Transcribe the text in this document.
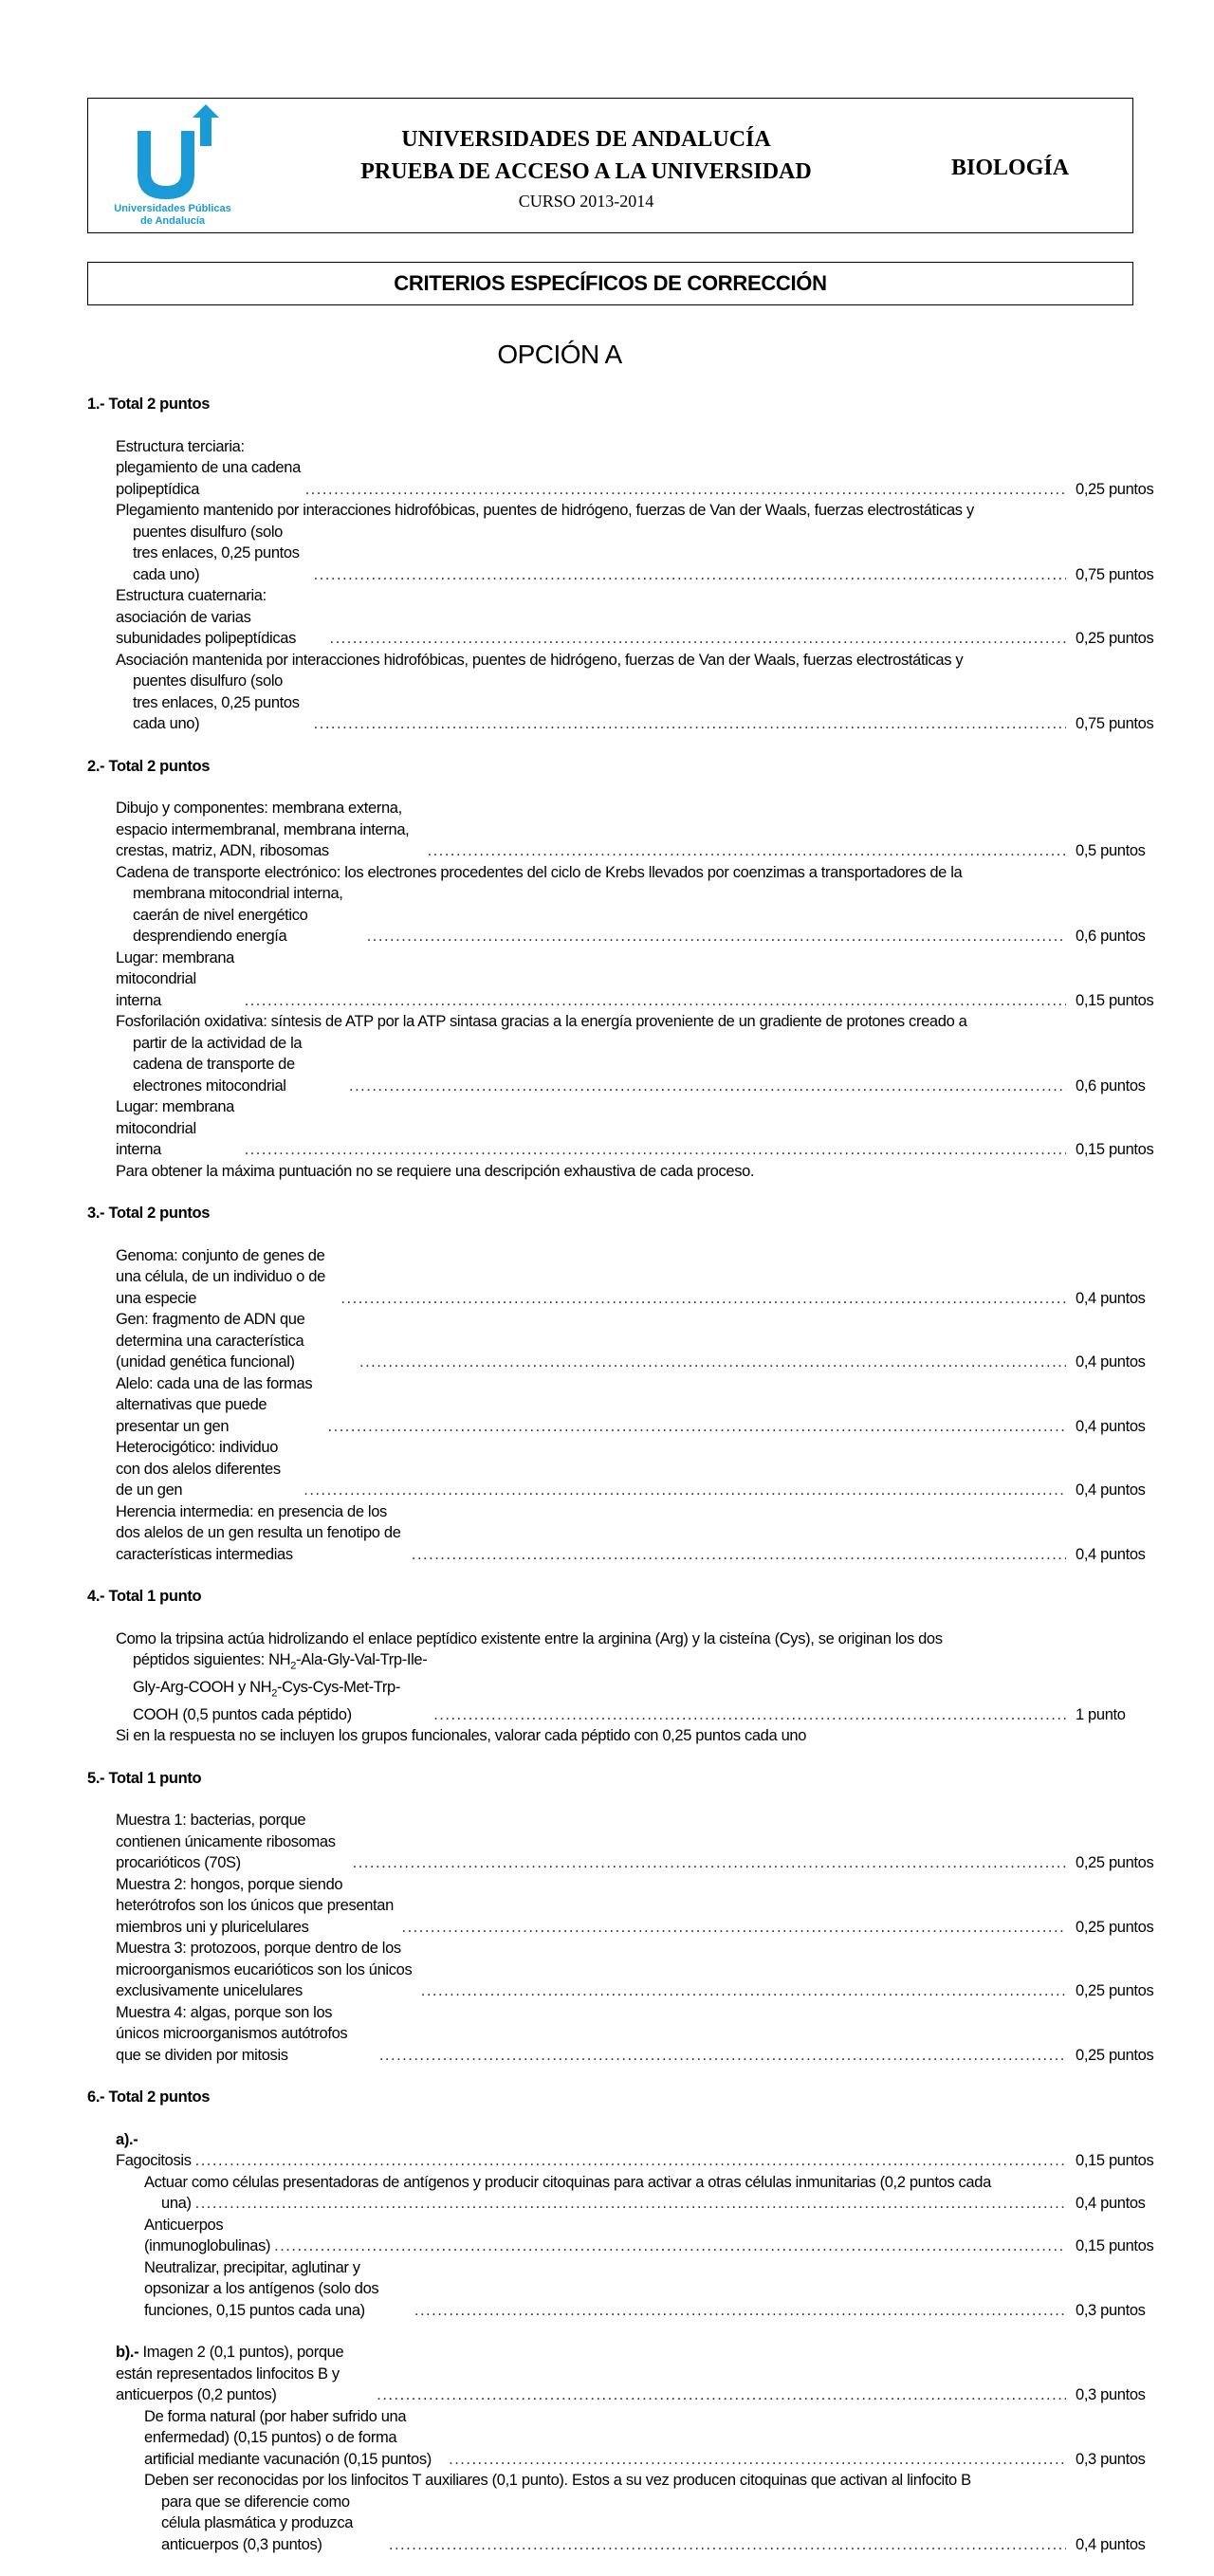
Universidades Públicas
de Andalucía
UNIVERSIDADES DE ANDALUCÍA
PRUEBA DE ACCESO A LA UNIVERSIDAD
CURSO 2013-2014
BIOLOGÍA
CRITERIOS ESPECÍFICOS DE CORRECCIÓN
OPCIÓN A
1.- Total 2 puntos
Estructura terciaria: plegamiento de una cadena polipeptídica .....	0,25 puntos
Plegamiento mantenido por interacciones hidrofóbicas, puentes de hidrógeno, fuerzas de Van der Waals, fuerzas electrostáticas y
puentes disulfuro (solo tres enlaces, 0,25 puntos cada uno) .....	0,75 puntos
Estructura cuaternaria: asociación de varias subunidades polipeptídicas .....	0,25 puntos
Asociación mantenida por interacciones hidrofóbicas, puentes de hidrógeno, fuerzas de Van der Waals, fuerzas electrostáticas y
puentes disulfuro (solo tres enlaces, 0,25 puntos cada uno) .....	0,75 puntos
2.- Total 2 puntos
Dibujo y componentes: membrana externa, espacio intermembranal, membrana interna, crestas, matriz, ADN, ribosomas .....	0,5 puntos
Cadena de transporte electrónico: los electrones procedentes del ciclo de Krebs llevados por coenzimas a transportadores de la
membrana mitocondrial interna, caerán de nivel energético desprendiendo energía .....	0,6 puntos
Lugar: membrana mitocondrial interna .....	0,15 puntos
Fosforilación oxidativa: síntesis de ATP por la ATP sintasa gracias a la energía proveniente de un gradiente de protones creado a
partir de la actividad de la cadena de transporte de electrones mitocondrial .....	0,6 puntos
Lugar: membrana mitocondrial interna .....	0,15 puntos
Para obtener la máxima puntuación no se requiere una descripción exhaustiva de cada proceso.
3.- Total 2 puntos
Genoma: conjunto de genes de una célula, de un individuo o de una especie .....	0,4 puntos
Gen: fragmento de ADN que determina una característica (unidad genética funcional) .....	0,4 puntos
Alelo: cada una de las formas alternativas que puede presentar un gen .....	0,4 puntos
Heterocigótico: individuo con dos alelos diferentes de un gen .....	0,4 puntos
Herencia intermedia: en presencia de los dos alelos de un gen resulta un fenotipo de características intermedias .....	0,4 puntos
4.- Total 1 punto
Como la tripsina actúa hidrolizando el enlace peptídico existente entre la arginina (Arg) y la cisteína (Cys), se originan los dos
péptidos siguientes: $NH_2-Ala-Gly-Val-Trp-Ile-Gly-Arg$-COOH y $NH_2-Cys-Cys-Met-Trp$-COOH (0,5 puntos cada péptido) .....	1 punto
Si en la respuesta no se incluyen los grupos funcionales, valorar cada péptido con 0,25 puntos cada uno
5.- Total 1 punto
Muestra 1: bacterias, porque contienen únicamente ribosomas procarióticos (70S) .....	0,25 puntos
Muestra 2: hongos, porque siendo heterótrofos son los únicos que presentan miembros uni y pluricelulares .....	0,25 puntos
Muestra 3: protozoos, porque dentro de los microorganismos eucarióticos son los únicos exclusivamente unicelulares .....	0,25 puntos
Muestra 4: algas, porque son los únicos microorganismos autótrofos que se dividen por mitosis .....	0,25 puntos
6.- Total 2 puntos
a).- Fagocitosis .....	0,15 puntos
Actuar como células presentadoras de antígenos y producir citoquinas para activar a otras células inmunitarias (0,2 puntos cada
una) .....	0,4 puntos
Anticuerpos (inmunoglobulinas) .....	0,15 puntos
Neutralizar, precipitar, aglutinar y opsonizar a los antígenos (solo dos funciones, 0,15 puntos cada una) .....	0,3 puntos
b).- Imagen 2 (0,1 puntos), porque están representados linfocitos B y anticuerpos (0,2 puntos) .....	0,3 puntos
De forma natural (por haber sufrido una enfermedad) (0,15 puntos) o de forma artificial mediante vacunación (0,15 puntos) .....	0,3 puntos
Deben ser reconocidas por los linfocitos T auxiliares (0,1 punto). Estos a su vez producen citoquinas que activan al linfocito B
para que se diferencie como célula plasmática y produzca anticuerpos (0,3 puntos) .....	0,4 puntos
